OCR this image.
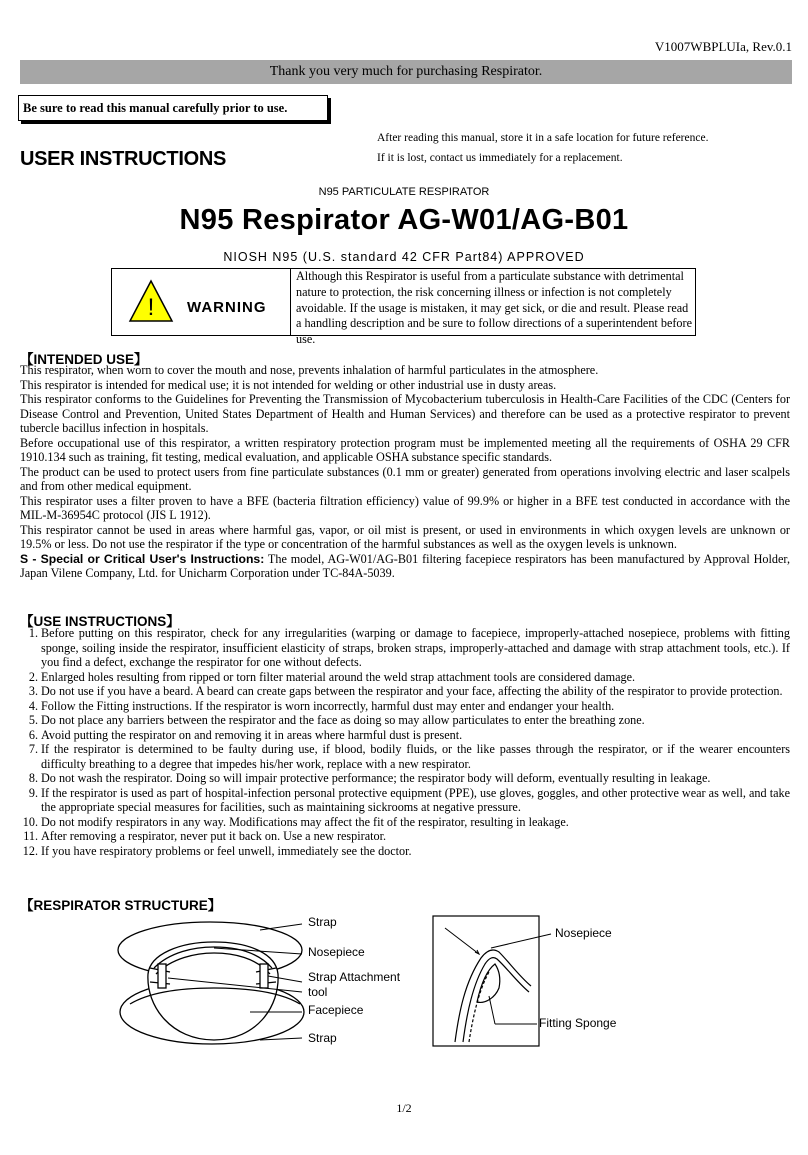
V1007WBPLUIa, Rev.0.1
Thank you very much for purchasing Respirator.
Be sure to read this manual carefully prior to use.
After reading this manual, store it in a safe location for future reference.
If it is lost, contact us immediately for a replacement.
USER INSTRUCTIONS
N95 PARTICULATE RESPIRATOR
N95 Respirator AG-W01/AG-B01
NIOSH N95 (U.S. standard 42 CFR Part84) APPROVED
! WARNING
Although this Respirator is useful from a particulate substance with detrimental nature to protection, the risk concerning illness or infection is not completely avoidable. If the usage is mistaken, it may get sick, or die and result. Please read a handling description and be sure to follow directions of a superintendent before use.
【INTENDED USE】

This respirator, when worn to cover the mouth and nose, prevents inhalation of harmful particulates in the atmosphere.

This respirator is intended for medical use; it is not intended for welding or other industrial use in dusty areas.

This respirator conforms to the Guidelines for Preventing the Transmission of Mycobacterium tuberculosis in Health-Care Facilities of the CDC (Centers for Disease Control and Prevention, United States Department of Health and Human Services) and therefore can be used as a protective respirator to prevent tubercle bacillus infection in hospitals.

Before occupational use of this respirator, a written respiratory protection program must be implemented meeting all the requirements of OSHA 29 CFR 1910.134 such as training, fit testing, medical evaluation, and applicable OSHA substance specific standards.

The product can be used to protect users from fine particulate substances (0.1 mm or greater) generated from operations involving electric and laser scalpels and from other medical equipment.

This respirator uses a filter proven to have a BFE (bacteria filtration efficiency) value of 99.9% or higher in a BFE test conducted in accordance with the MIL-M-36954C protocol (JIS L 1912).

This respirator cannot be used in areas where harmful gas, vapor, or oil mist is present, or used in environments in which oxygen levels are unknown or 19.5% or less. Do not use the respirator if the type or concentration of the harmful substances as well as the oxygen levels is unknown.

S - Special or Critical User's Instructions: The model, AG-W01/AG-B01 filtering facepiece respirators has been manufactured by Approval Holder, Japan Vilene Company, Ltd. for Unicharm Corporation under TC-84A-5039.

【USE INSTRUCTIONS】
1. Before putting on this respirator, check for any irregularities (warping or damage to facepiece, improperly-attached nosepiece, problems with fitting sponge, soiling inside the respirator, insufficient elasticity of straps, broken straps, improperly-attached and damage with strap attachment tools, etc.). If you find a defect, exchange the respirator for one without defects.
2. Enlarged holes resulting from ripped or torn filter material around the weld strap attachment tools are considered damage.
3. Do not use if you have a beard. A beard can create gaps between the respirator and your face, affecting the ability of the respirator to provide protection.
4. Follow the Fitting instructions. If the respirator is worn incorrectly, harmful dust may enter and endanger your health.
5. Do not place any barriers between the respirator and the face as doing so may allow particulates to enter the breathing zone.
6. Avoid putting the respirator on and removing it in areas where harmful dust is present.
7. If the respirator is determined to be faulty during use, if blood, bodily fluids, or the like passes through the respirator, or if the wearer encounters difficulty breathing to a degree that impedes his/her work, replace with a new respirator.
8. Do not wash the respirator. Doing so will impair protective performance; the respirator body will deform, eventually resulting in leakage.
9. If the respirator is used as part of hospital-infection personal protective equipment (PPE), use gloves, goggles, and other protective wear as well, and take the appropriate special measures for facilities, such as maintaining sickrooms at negative pressure.
10. Do not modify respirators in any way. Modifications may affect the fit of the respirator, resulting in leakage.
11. After removing a respirator, never put it back on. Use a new respirator.
12. If you have respiratory problems or feel unwell, immediately see the doctor.
【RESPIRATOR STRUCTURE】
Strap
Nosepiece
Strap Attachment
tool
Facepiece
Strap
Nosepiece
Fitting Sponge
1/2
